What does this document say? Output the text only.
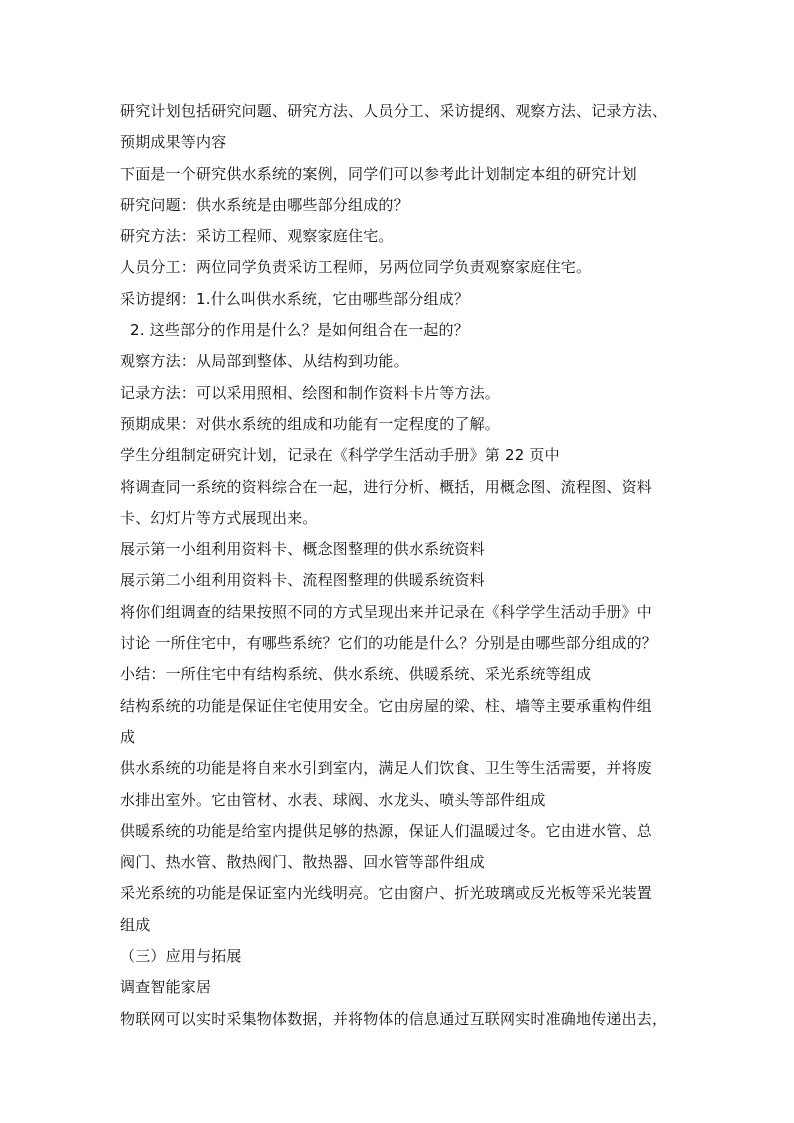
研究计划包括研究问题、研究方法、人员分工、采访提纲、观察方法、记录方法、
预期成果等内容
下面是一个研究供水系统的案例，同学们可以参考此计划制定本组的研究计划
研究问题：供水系统是由哪些部分组成的？
研究方法：采访工程师、观察家庭住宅。
人员分工：两位同学负责采访工程师，另两位同学负责观察家庭住宅。
采访提纲：1.什么叫供水系统，它由哪些部分组成？
2. 这些部分的作用是什么？是如何组合在一起的？
观察方法：从局部到整体、从结构到功能。
记录方法：可以采用照相、绘图和制作资料卡片等方法。
预期成果：对供水系统的组成和功能有一定程度的了解。
学生分组制定研究计划，记录在《科学学生活动手册》第 22 页中
将调查同一系统的资料综合在一起，进行分析、概括，用概念图、流程图、资料
卡、幻灯片等方式展现出来。
展示第一小组利用资料卡、概念图整理的供水系统资料
展示第二小组利用资料卡、流程图整理的供暖系统资料
将你们组调查的结果按照不同的方式呈现出来并记录在《科学学生活动手册》中
讨论 一所住宅中，有哪些系统？它们的功能是什么？分别是由哪些部分组成的？
小结：一所住宅中有结构系统、供水系统、供暖系统、采光系统等组成
结构系统的功能是保证住宅使用安全。它由房屋的梁、柱、墙等主要承重构件组
成
供水系统的功能是将自来水引到室内，满足人们饮食、卫生等生活需要，并将废
水排出室外。它由管材、水表、球阀、水龙头、喷头等部件组成
供暖系统的功能是给室内提供足够的热源，保证人们温暖过冬。它由进水管、总
阀门、热水管、散热阀门、散热器、回水管等部件组成
采光系统的功能是保证室内光线明亮。它由窗户、折光玻璃或反光板等采光装置
组成
（三）应用与拓展
调查智能家居
物联网可以实时采集物体数据，并将物体的信息通过互联网实时准确地传递出去，
